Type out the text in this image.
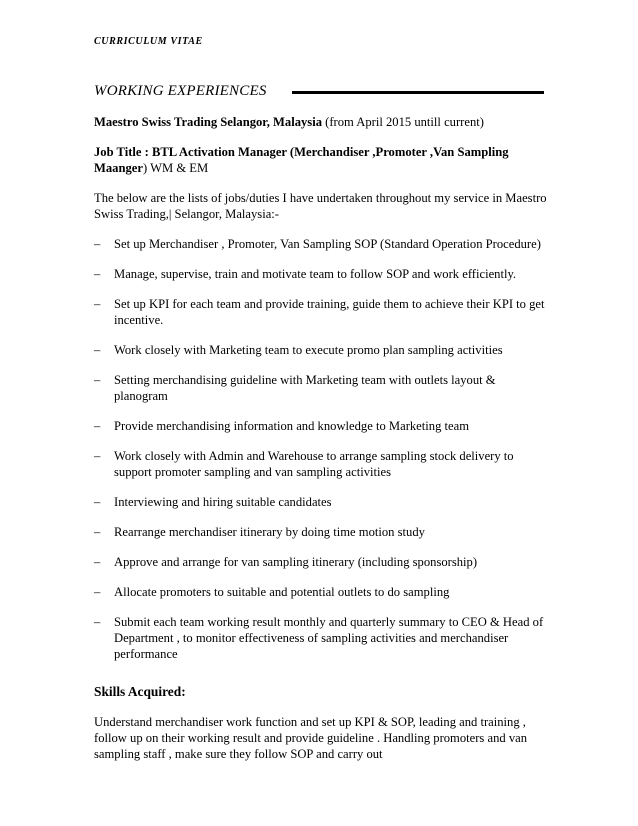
CURRICULUM VITAE
WORKING EXPERIENCES

Maestro Swiss Trading Selangor, Malaysia (from April 2015 untill current)

Job Title : BTL Activation Manager (Merchandiser ,Promoter ,Van Sampling Maanger) WM & EM

The below are the lists of jobs/duties I have undertaken throughout my service in Maestro Swiss Trading,| Selangor, Malaysia:-

– Set up Merchandiser , Promoter, Van Sampling SOP (Standard Operation Procedure)
– Manage, supervise, train and motivate team to follow SOP and work efficiently.
– Set up KPI for each team and provide training, guide them to achieve their KPI to get incentive.
– Work closely with Marketing team to execute promo plan sampling activities
– Setting merchandising guideline with Marketing team with outlets layout & planogram
– Provide merchandising information and knowledge to Marketing team
– Work closely with Admin and Warehouse to arrange sampling stock delivery to support promoter sampling and van sampling activities
– Interviewing and hiring suitable candidates
– Rearrange merchandiser itinerary by doing time motion study
– Approve and arrange for van sampling itinerary (including sponsorship)
– Allocate promoters to suitable and potential outlets to do sampling
– Submit each team working result monthly and quarterly summary to CEO & Head of Department , to monitor effectiveness of sampling activities and merchandiser performance
Skills Acquired:

Understand merchandiser work function and set up KPI & SOP, leading and training , follow up on their working result and provide guideline . Handling promoters and van sampling staff , make sure they follow SOP and carry out
